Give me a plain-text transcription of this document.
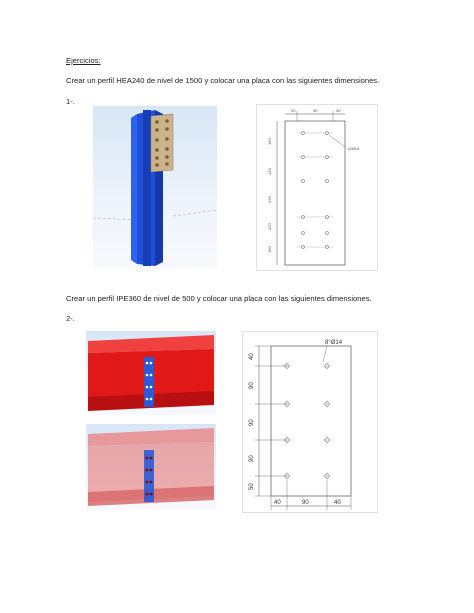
Ejercicios:
Crear un perfil HEA240 de nivel de 1500 y colocar una placa con las siguientes dimensiones.
1-.
Crear un perfil IPE360 de nivel de 500 y colocar una placa con las siguientes dimensiones.
2-.
30	90	30
160
120
120
120
160
12Ø16
8°Ø14
40
90
90
90
50
40	90	40
